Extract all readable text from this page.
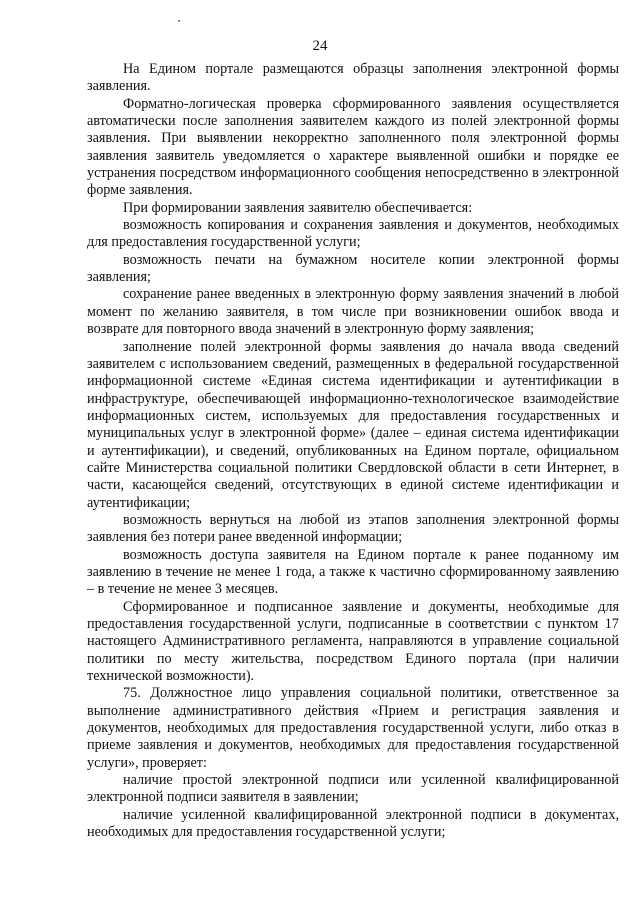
24

На Едином портале размещаются образцы заполнения электронной формы заявления.

Форматно-логическая проверка сформированного заявления осуществляется автоматически после заполнения заявителем каждого из полей электронной формы заявления. При выявлении некорректно заполненного поля электронной формы заявления заявитель уведомляется о характере выявленной ошибки и порядке ее устранения посредством информационного сообщения непосредственно в электронной форме заявления.

При формировании заявления заявителю обеспечивается:

возможность копирования и сохранения заявления и документов, необходимых для предоставления государственной услуги;

возможность печати на бумажном носителе копии электронной формы заявления;

сохранение ранее введенных в электронную форму заявления значений в любой момент по желанию заявителя, в том числе при возникновении ошибок ввода и возврате для повторного ввода значений в электронную форму заявления;

заполнение полей электронной формы заявления до начала ввода сведений заявителем с использованием сведений, размещенных в федеральной государственной информационной системе «Единая система идентификации и аутентификации в инфраструктуре, обеспечивающей информационно-технологическое взаимодействие информационных систем, используемых для предоставления государственных и муниципальных услуг в электронной форме» (далее – единая система идентификации и аутентификации), и сведений, опубликованных на Едином портале, официальном сайте Министерства социальной политики Свердловской области в сети Интернет, в части, касающейся сведений, отсутствующих в единой системе идентификации и аутентификации;

возможность вернуться на любой из этапов заполнения электронной формы заявления без потери ранее введенной информации;

возможность доступа заявителя на Едином портале к ранее поданному им заявлению в течение не менее 1 года, а также к частично сформированному заявлению – в течение не менее 3 месяцев.

Сформированное и подписанное заявление и документы, необходимые для предоставления государственной услуги, подписанные в соответствии с пунктом 17 настоящего Административного регламента, направляются в управление социальной политики по месту жительства, посредством Единого портала (при наличии технической возможности).

75. Должностное лицо управления социальной политики, ответственное за выполнение административного действия «Прием и регистрация заявления и документов, необходимых для предоставления государственной услуги, либо отказ в приеме заявления и документов, необходимых для предоставления государственной услуги», проверяет:

наличие простой электронной подписи или усиленной квалифицированной электронной подписи заявителя в заявлении;

наличие усиленной квалифицированной электронной подписи в документах, необходимых для предоставления государственной услуги;
